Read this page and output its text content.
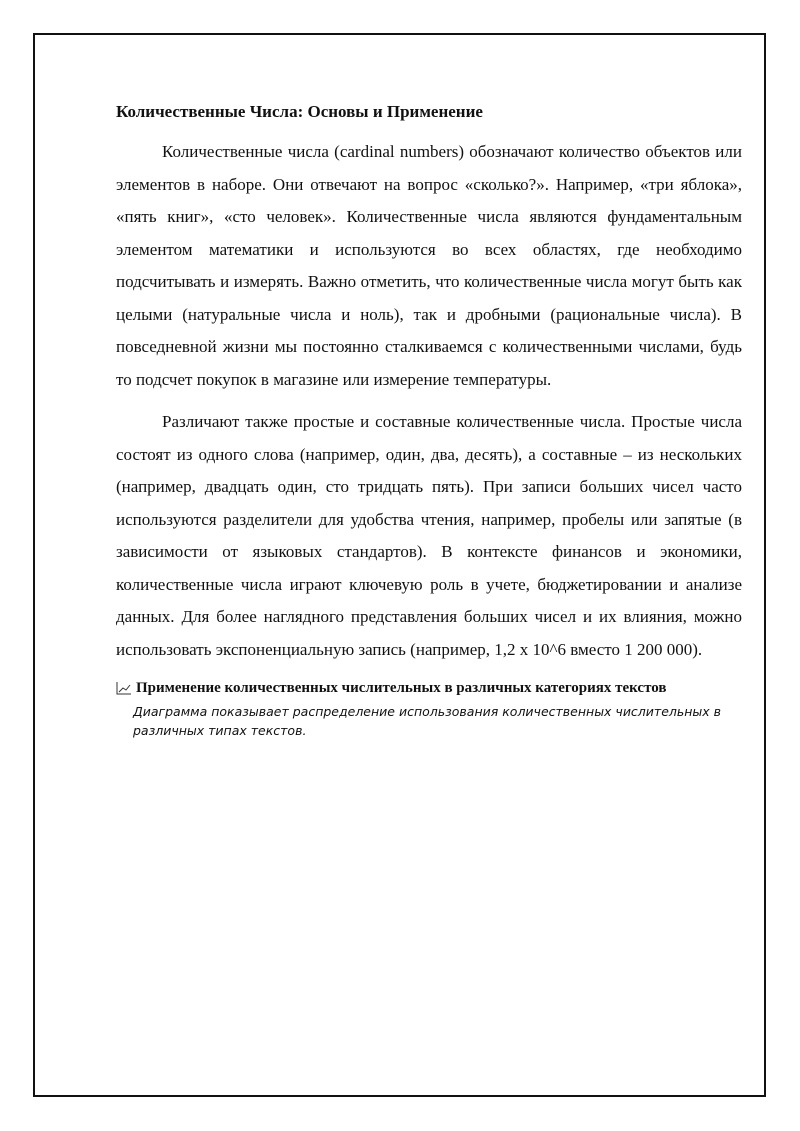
Количественные Числа: Основы и Применение

Количественные числа (cardinal numbers) обозначают количество объектов или элементов в наборе. Они отвечают на вопрос «сколько?». Например, «три яблока», «пять книг», «сто человек». Количественные числа являются фундаментальным элементом математики и используются во всех областях, где необходимо подсчитывать и измерять. Важно отметить, что количественные числа могут быть как целыми (натуральные числа и ноль), так и дробными (рациональные числа). В повседневной жизни мы постоянно сталкиваемся с количественными числами, будь то подсчет покупок в магазине или измерение температуры.

Различают также простые и составные количественные числа. Простые числа состоят из одного слова (например, один, два, десять), а составные – из нескольких (например, двадцать один, сто тридцать пять). При записи больших чисел часто используются разделители для удобства чтения, например, пробелы или запятые (в зависимости от языковых стандартов). В контексте финансов и экономики, количественные числа играют ключевую роль в учете, бюджетировании и анализе данных. Для более наглядного представления больших чисел и их влияния, можно использовать экспоненциальную запись (например, 1,2 x 10^6 вместо 1 200 000).

Применение количественных числительных в различных категориях текстов
Диаграмма показывает распределение использования количественных числительных в различных типах текстов.
